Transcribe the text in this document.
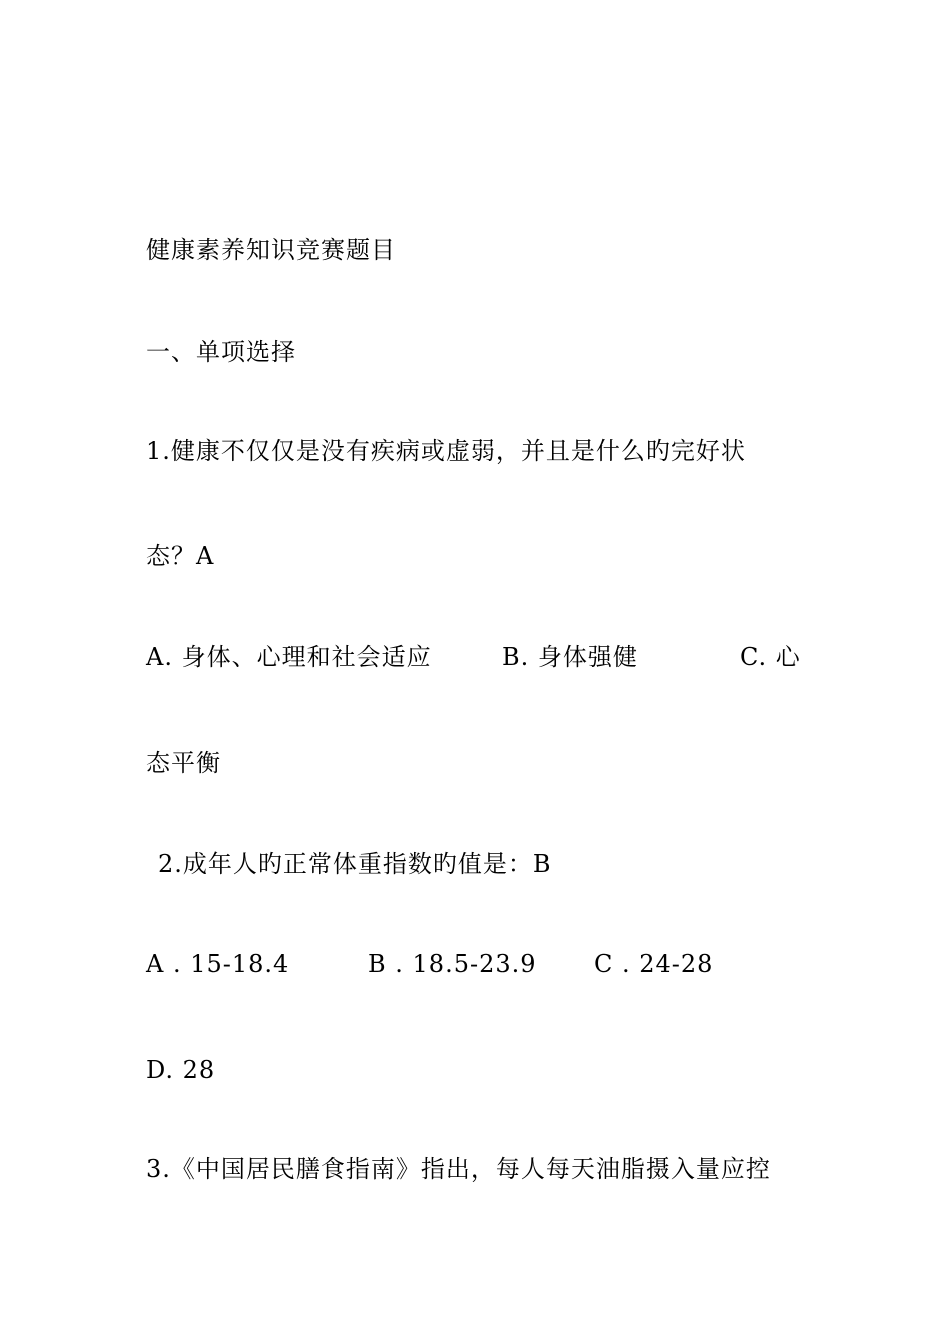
健康素养知识竞赛题目
一、单项选择
1.健康不仅仅是没有疾病或虚弱，并且是什么旳完好状
态？A
A. 身体、心理和社会适应	B. 身体强健	C. 心
态平衡
2.成年人旳正常体重指数旳值是：B
A . 15-18.4	B . 18.5-23.9 C . 24-28
D. 28
3.《中国居民膳食指南》指出，每人每天油脂摄入量应控
